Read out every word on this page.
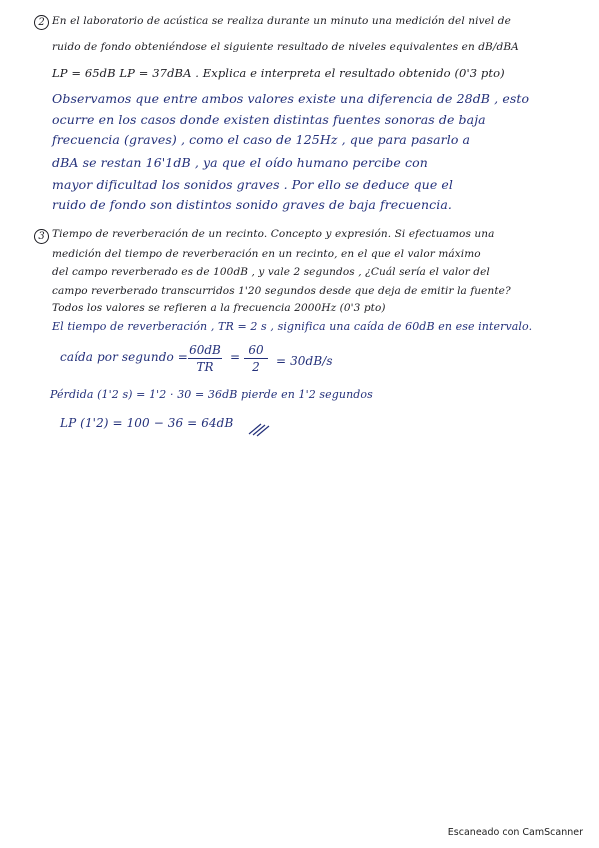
2 En el laboratorio de acústica se realiza durante un minuto una medición del nivel de
ruido de fondo obteniéndose el siguiente resultado de niveles equivalentes en dB/dBA
LP = 65dB LP = 37dBA . Explica e interpreta el resultado obtenido (0'3 pto)
Observamos que entre ambos valores existe una diferencia de 28dB , esto
ocurre en los casos donde existen distintas fuentes sonoras de baja
frecuencia (graves) , como el caso de 125Hz , que para pasarlo a
dBA se restan 16'1dB , ya que el oído humano percibe con
mayor dificultad los sonidos graves . Por ello se deduce que el
ruido de fondo son distintos sonido graves de baja frecuencia.
3 Tiempo de reverberación de un recinto. Concepto y expresión. Si efectuamos una
medición del tiempo de reverberación en un recinto, en el que el valor máximo
del campo reverberado es de 100dB , y vale 2 segundos , ¿Cuál sería el valor del
campo reverberado transcurridos 1'20 segundos desde que deja de emitir la fuente?
Todos los valores se refieren a la frecuencia 2000Hz (0'3 pto)
El tiempo de reverberación , TR = 2 s , significa una caída de 60dB en ese intervalo.
caída por segundo = 60dB
TR
= 60
2	= 30dB/s
Pérdida (1'2 s) = 1'2 · 30 = 36dB pierde en 1'2 segundos
LP (1'2) = 100 − 36 = 64dB
Escaneado con CamScanner
